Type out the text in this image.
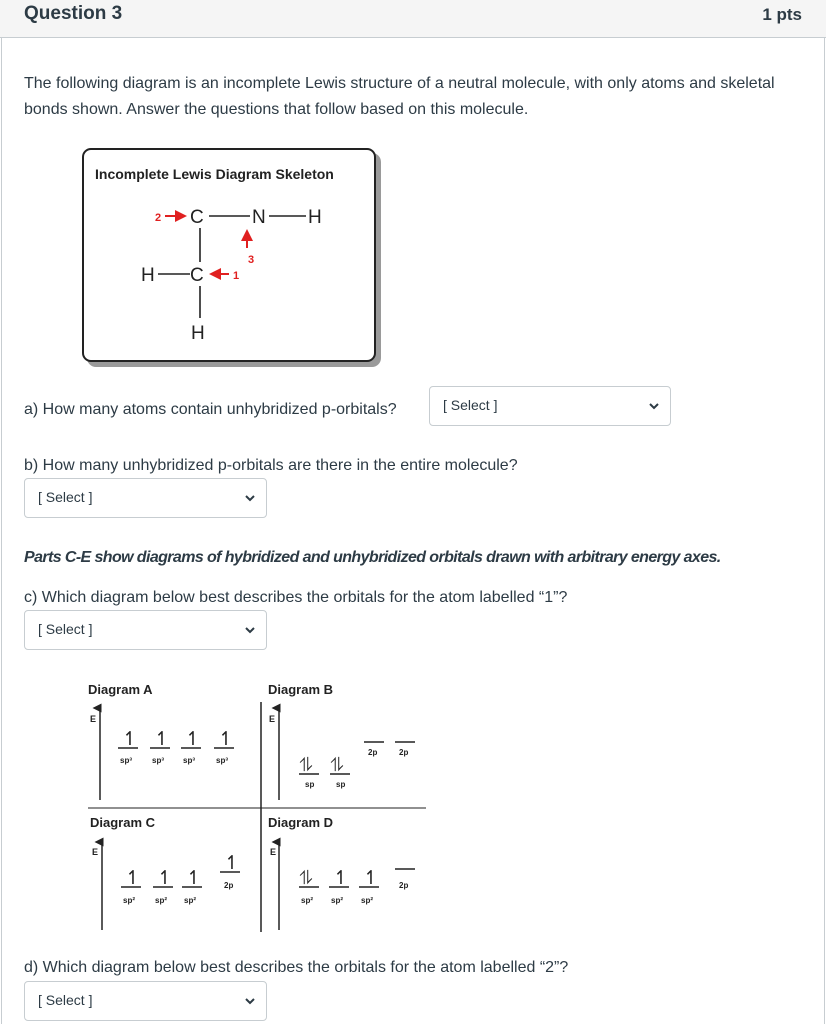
Question 3	1 pts
The following diagram is an incomplete Lewis structure of a neutral molecule, with only atoms and skeletal bonds shown. Answer the questions that follow based on this molecule.
Incomplete Lewis Diagram Skeleton
C	N H
H C
H
2
3
1
a) How many atoms contain unhybridized p-orbitals?	[ Select ]
b) How many unhybridized p-orbitals are there in the entire molecule?
[ Select ]
Parts C-E show diagrams of hybridized and unhybridized orbitals drawn with arbitrary energy axes.
c) Which diagram below best describes the orbitals for the atom labelled “1”?
[ Select ]
Diagram A
E
↿
sp³
↿
sp³
↿
sp³
↿
sp³
Diagram B
E
⥮
sp
⥮
sp
2p	2p
Diagram C
E
↿
sp²
↿
sp²
↿
sp²
↿
2p
Diagram D
E
⥮
sp²
↿
sp²
↿
sp²
2p
d) Which diagram below best describes the orbitals for the atom labelled “2”?
[ Select ]
